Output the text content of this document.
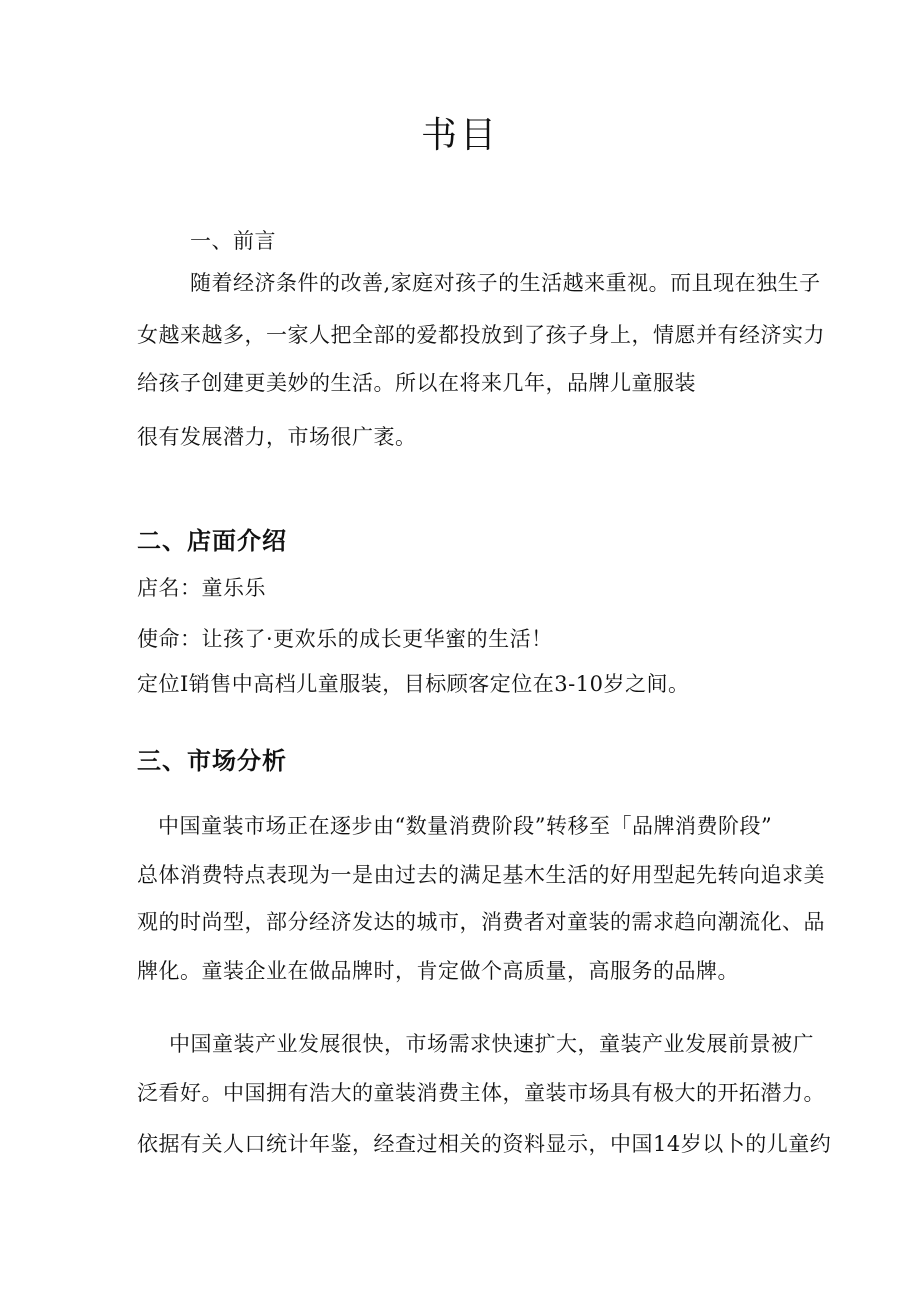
书目
一、前言
随着经济条件的改善,家庭对孩子的生活越来重视。而且现在独生子
女越来越多，一家人把全部的爱都投放到了孩子身上，情愿并有经济实力
给孩子创建更美妙的生活。所以在将来几年，品牌儿童服装
很有发展潜力，市场很广袤。
二、店面介绍
店名：童乐乐
使命：让孩了·更欢乐的成长更华蜜的生活！
定位I销售中高档儿童服装，目标顾客定位在3-10岁之间。
三、市场分析
中国童装市场正在逐步由“数量消费阶段”转移至「品牌消费阶段”
总体消费特点表现为一是由过去的满足基木生活的好用型起先转向追求美
观的时尚型，部分经济发达的城市，消费者对童装的需求趋向潮流化、品
牌化。童装企业在做品牌时，肯定做个高质量，高服务的品牌。
中国童装产业发展很快，市场需求快速扩大，童装产业发展前景被广
泛看好。中国拥有浩大的童装消费主体，童装市场具有极大的开拓潜力。
依据有关人口统计年鉴，经查过相关的资料显示，中国14岁以卜的儿童约
